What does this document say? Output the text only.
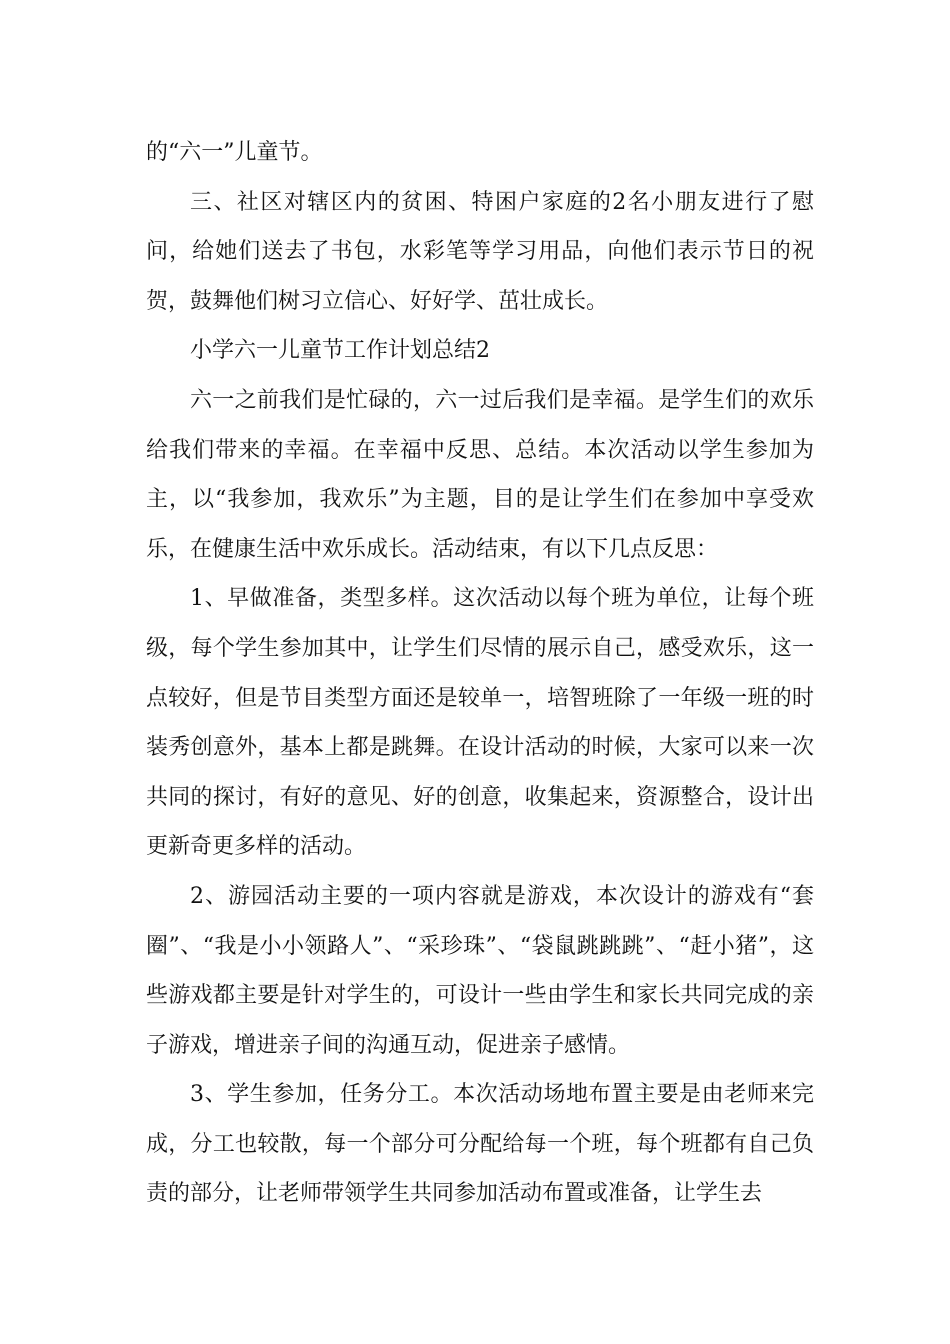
的“六一”儿童节。

三、社区对辖区内的贫困、特困户家庭的2名小朋友进行了慰问，给她们送去了书包，水彩笔等学习用品，向他们表示节日的祝贺，鼓舞他们树习立信心、好好学、茁壮成长。

小学六一儿童节工作计划总结2

六一之前我们是忙碌的，六一过后我们是幸福。是学生们的欢乐给我们带来的幸福。在幸福中反思、总结。本次活动以学生参加为主，以“我参加，我欢乐”为主题，目的是让学生们在参加中享受欢乐，在健康生活中欢乐成长。活动结束，有以下几点反思：

1、早做准备，类型多样。这次活动以每个班为单位，让每个班级，每个学生参加其中，让学生们尽情的展示自己，感受欢乐，这一点较好，但是节目类型方面还是较单一，培智班除了一年级一班的时装秀创意外，基本上都是跳舞。在设计活动的时候，大家可以来一次共同的探讨，有好的意见、好的创意，收集起来，资源整合，设计出更新奇更多样的活动。

2、游园活动主要的一项内容就是游戏，本次设计的游戏有“套圈”、“我是小小领路人”、“采珍珠”、“袋鼠跳跳跳”、“赶小猪”，这些游戏都主要是针对学生的，可设计一些由学生和家长共同完成的亲子游戏，增进亲子间的沟通互动，促进亲子感情。

3、学生参加，任务分工。本次活动场地布置主要是由老师来完成，分工也较散，每一个部分可分配给每一个班，每个班都有自己负责的部分，让老师带领学生共同参加活动布置或准备，让学生去
